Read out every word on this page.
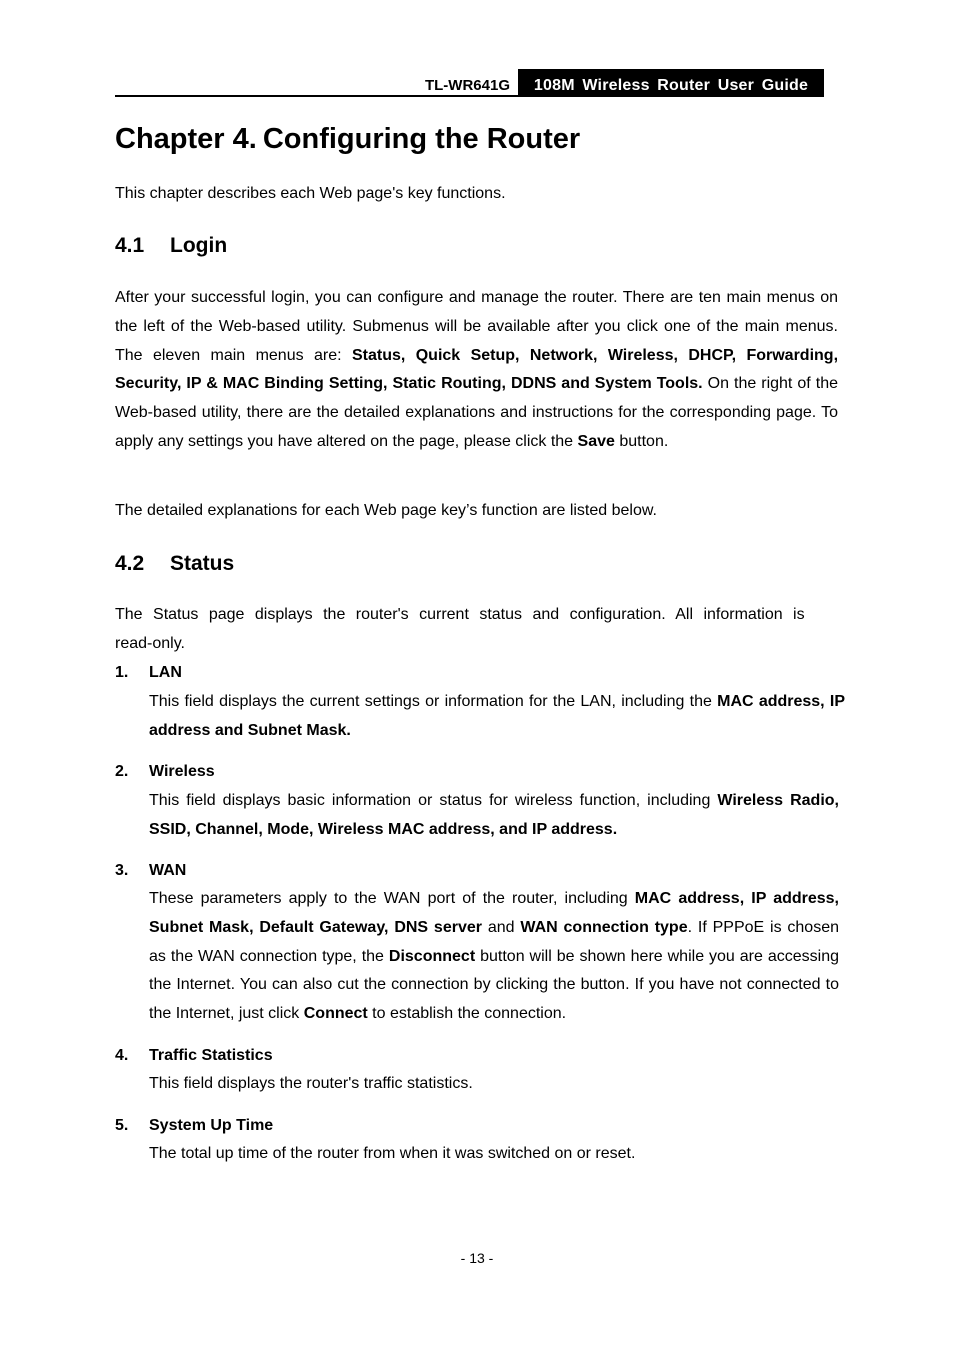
TL-WR641G	108M Wireless Router User Guide
Chapter 4. Configuring the Router

This chapter describes each Web page's key functions.

4.1 Login

After your successful login, you can configure and manage the router. There are ten main menus on the left of the Web-based utility. Submenus will be available after you click one of the main menus. The eleven main menus are: Status, Quick Setup, Network, Wireless, DHCP, Forwarding, Security, IP & MAC Binding Setting, Static Routing, DDNS and System Tools. On the right of the Web-based utility, there are the detailed explanations and instructions for the corresponding page. To apply any settings you have altered on the page, please click the Save button.

The detailed explanations for each Web page key’s function are listed below.

4.2 Status

The Status page displays the router's current status and configuration. All information is read-only.

1. LAN

This field displays the current settings or information for the LAN, including the MAC address, IP address and Subnet Mask.

2. Wireless

This field displays basic information or status for wireless function, including Wireless Radio, SSID, Channel, Mode, Wireless MAC address, and IP address.

3. WAN

These parameters apply to the WAN port of the router, including MAC address, IP address, Subnet Mask, Default Gateway, DNS server and WAN connection type. If PPPoE is chosen as the WAN connection type, the Disconnect button will be shown here while you are accessing the Internet. You can also cut the connection by clicking the button. If you have not connected to the Internet, just click Connect to establish the connection.

4. Traffic Statistics

This field displays the router's traffic statistics.

5. System Up Time

The total up time of the router from when it was switched on or reset.

- 13 -
